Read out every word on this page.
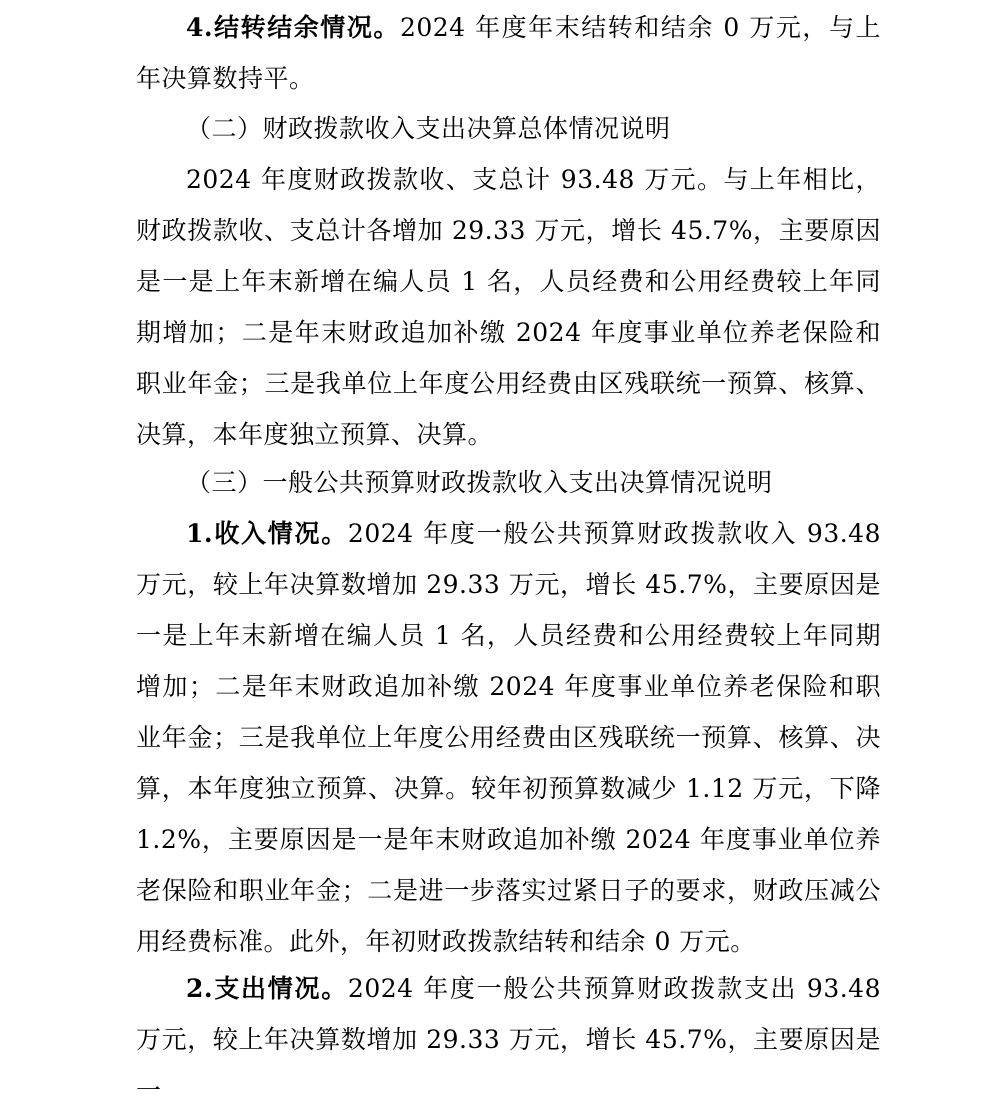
4.结转结余情况。2024 年度年末结转和结余 0 万元，与上年决算数持平。

（二）财政拨款收入支出决算总体情况说明

2024 年度财政拨款收、支总计 93.48 万元。与上年相比，财政拨款收、支总计各增加 29.33 万元，增长 45.7%，主要原因是一是上年末新增在编人员 1 名，人员经费和公用经费较上年同期增加；二是年末财政追加补缴 2024 年度事业单位养老保险和职业年金；三是我单位上年度公用经费由区残联统一预算、核算、决算，本年度独立预算、决算。

（三）一般公共预算财政拨款收入支出决算情况说明

1.收入情况。2024 年度一般公共预算财政拨款收入 93.48 万元，较上年决算数增加 29.33 万元，增长 45.7%，主要原因是一是上年末新增在编人员 1 名，人员经费和公用经费较上年同期增加；二是年末财政追加补缴 2024 年度事业单位养老保险和职业年金；三是我单位上年度公用经费由区残联统一预算、核算、决算，本年度独立预算、决算。较年初预算数减少 1.12 万元，下降 1.2%，主要原因是一是年末财政追加补缴 2024 年度事业单位养老保险和职业年金；二是进一步落实过紧日子的要求，财政压减公用经费标准。此外，年初财政拨款结转和结余 0 万元。

2.支出情况。2024 年度一般公共预算财政拨款支出 93.48 万元，较上年决算数增加 29.33 万元，增长 45.7%，主要原因是一
